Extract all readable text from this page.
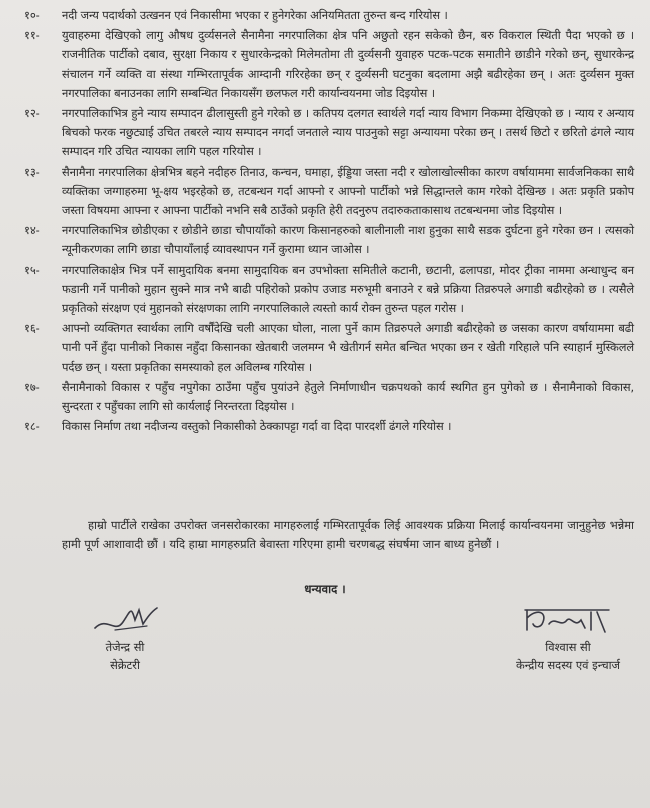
१०-	नदी जन्य पदार्थको उत्खनन एवं निकासीमा भएका र हुनेगरेका अनियमितता तुरुन्त बन्द गरियोस ।
११-	युवाहरुमा देखिएको लागु औषध दुर्व्यसनले सैनामैना नगरपालिका क्षेत्र पनि अछुतो रहन सकेको छैन, बरु विकराल स्थिती पैदा भएको छ । राजनीतिक पार्टीको दबाव, सुरक्षा निकाय र सुधारकेन्द्रको मिलेमतोमा ती दुर्व्यसनी युवाहरु पटक-पटक समातीने छाडीने गरेको छन्, सुधारकेन्द्र संचालन गर्ने व्यक्ति वा संस्था गम्भिरतापूर्वक आम्दानी गरिरहेका छन् र दुर्व्यसनी घटनुका बदलामा अझै बढीरहेका छन् । अतः दुर्व्यसन मुक्त नगरपालिका बनाउनका लागि सम्बन्धित निकायसँग छलफल गरी कार्यान्वयनमा जोड दिइयोस ।
१२-	नगरपालिकाभित्र हुने न्याय सम्पादन ढीलासुस्ती हुने गरेको छ । कतिपय दलगत स्वार्थले गर्दा न्याय विभाग निकम्मा देखिएको छ । न्याय र अन्याय बिचको फरक नछुट्याई उचित तबरले न्याय सम्पादन नगर्दा जनताले न्याय पाउनुको सट्टा अन्यायमा परेका छन् । तसर्थ छिटो र छरितो ढंगले न्याय सम्पादन गरि उचित न्यायका लागि पहल गरियोस ।
१३-	सैनामैना नगरपालिका क्षेत्रभित्र बहने नदीहरु तिनाउ, कन्चन, घमाहा, ईड्डिया जस्ता नदी र खोलाखोल्सीका कारण वर्षायाममा सार्वजनिकका साथै व्यक्तिका जग्गाहरुमा भू-क्षय भइरहेको छ, तटबन्धन गर्दा आफ्नो र आफ्नो पार्टीको भन्ने सिद्धान्तले काम गरेको देखिन्छ । अतः प्रकृति प्रकोप जस्ता विषयमा आफ्ना र आफ्ना पार्टीको नभनि सबै ठाउँको प्रकृति हेरी तदनुरुप तदारुकताकासाथ तटबन्धनमा जोड दिइयोस ।
१४-	नगरपालिकाभित्र छोडीएका र छोडीने छाडा चौपायाँको कारण किसानहरुको बालीनाली नाश हुनुका साथै सडक दुर्घटना हुने गरेका छन । त्यसको न्यूनीकरणका लागि छाडा चौपायाँलाई व्यावस्थापन गर्ने कुरामा ध्यान जाओस ।
१५-	नगरपालिकाक्षेत्र भित्र पर्ने सामुदायिक बनमा सामुदायिक बन उपभोक्ता समितीले कटानी, छटानी, ढलापडा, मोदर ट्रीका नाममा अन्धाधुन्द बन फडानी गर्ने पानीको मुहान सुक्ने मात्र नभै बाढी पहिरोको प्रकोप उजाड मरुभूमी बनाउने र बन्ने प्रक्रिया तिव्ररुपले अगाडी बढीरहेको छ । त्यसैले प्रकृतिको संरक्षण एवं मुहानको संरक्षणका लागि नगरपालिकाले त्यस्तो कार्य रोक्न तुरुन्त पहल गरोस ।
१६-	आफ्नो व्यक्तिगत स्वार्थका लागि वर्षौंदेखि चली आएका घोला, नाला पुर्ने काम तिव्ररुपले अगाडी बढीरहेको छ जसका कारण वर्षायाममा बढी पानी पर्ने हुँदा पानीको निकास नहुँदा किसानका खेतबारी जलमग्न भै खेतीगर्न समेत बन्चित भएका छन र खेती गरिहाले पनि स्याहार्न मुस्किलले पर्दछ छन् । यस्ता प्रकृतिका समस्याको हल अविलम्ब गरियोस ।
१७-	सैनामैनाको विकास र पहुँच नपुगेका ठाउँमा पहुँच पुयांउने हेतुले निर्माणाधीन चक्रपथको कार्य स्थगित हुन पुगेको छ । सैनामैनाको विकास, सुन्दरता र पहुँचका लागि सो कार्यलाई निरन्तरता दिइयोस ।
१८-	विकास निर्माण तथा नदीजन्य वस्तुको निकासीको ठेक्कापट्टा गर्दा वा दिदा पारदर्शी ढंगले गरियोस ।
हाम्रो पार्टीले राखेका उपरोक्त जनसरोकारका मागहरुलाई गम्भिरतापूर्वक लिई आवश्यक प्रक्रिया मिलाई कार्यान्वयनमा जानुहुनेछ भन्नेमा हामी पूर्ण आशावादी छौं । यदि हाम्रा मागहरुप्रति बेवास्ता गरिएमा हामी चरणबद्ध संघर्षमा जान बाध्य हुनेछौं ।
धन्यवाद ।
तेजेन्द्र सी
सेक्रेटरी
विश्वास सी
केन्द्रीय सदस्य एवं इन्चार्ज
